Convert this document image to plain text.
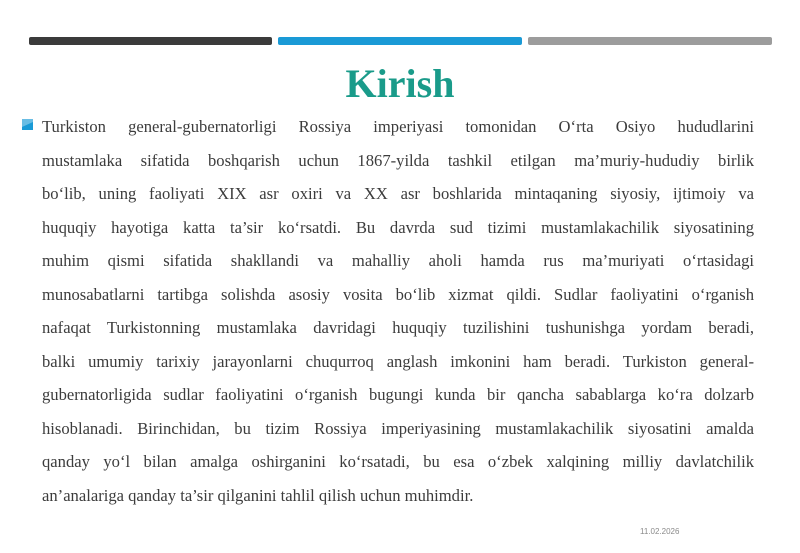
Kirish
Turkiston general-gubernatorligi Rossiya imperiyasi tomonidan O‘rta Osiyo hududlarini
mustamlaka sifatida boshqarish uchun 1867-yilda tashkil etilgan ma’muriy-hududiy birlik
bo‘lib, uning faoliyati XIX asr oxiri va XX asr boshlarida mintaqaning siyosiy, ijtimoiy va
huquqiy hayotiga katta ta’sir ko‘rsatdi. Bu davrda sud tizimi mustamlakachilik siyosatining
muhim qismi sifatida shakllandi va mahalliy aholi hamda rus ma’muriyati o‘rtasidagi
munosabatlarni tartibga solishda asosiy vosita bo‘lib xizmat qildi. Sudlar faoliyatini o‘rganish
nafaqat Turkistonning mustamlaka davridagi huquqiy tuzilishini tushunishga yordam beradi,
balki umumiy tarixiy jarayonlarni chuqurroq anglash imkonini ham beradi. Turkiston general-
gubernatorligida sudlar faoliyatini o‘rganish bugungi kunda bir qancha sabablarga ko‘ra dolzarb
hisoblanadi. Birinchidan, bu tizim Rossiya imperiyasining mustamlakachilik siyosatini amalda
qanday yo‘l bilan amalga oshirganini ko‘rsatadi, bu esa o‘zbek xalqining milliy davlatchilik
an’analariga qanday ta’sir qilganini tahlil qilish uchun muhimdir.
11.02.2026
